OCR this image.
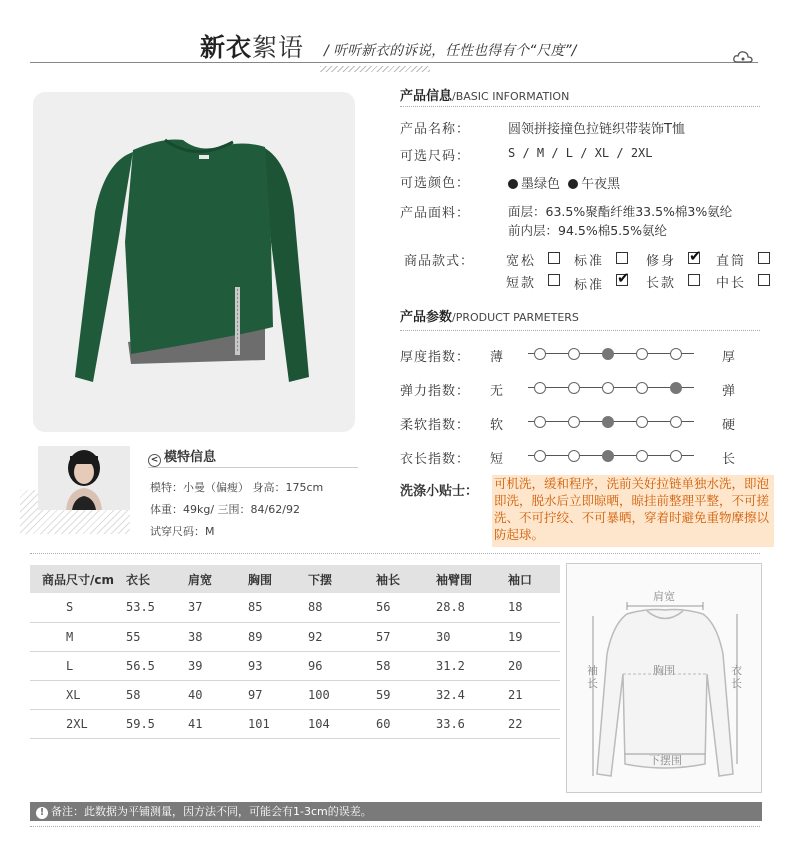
新衣絮语 / 听听新衣的诉说，任性也得有个“尺度”/
< 模特信息
模特：小曼（偏瘦） 身高：175cm
体重：49kg/ 三围：84/62/92
试穿尺码：M
产品信息/BASIC INFORMATION
产品名称：	圆领拼接撞色拉链织带装饰T恤
可选尺码：	S / M / L / XL / 2XL
可选颜色：	墨绿色 午夜黑
产品面料：	面层：63.5%聚酯纤维33.5%棉3%氨纶
前内层：94.5%棉5.5%氨纶
商品款式： 宽松	标准	修身 ✔	直筒
短款	标准 ✔	长款	中长
产品参数/PRODUCT PARMETERS
厚度指数： 薄	厚
弹力指数： 无	弹
柔软指数： 软	硬
衣长指数： 短	长
洗涤小贴士：
可机洗，缓和程序，洗前关好拉链单独水洗，即泡即洗，脱水后立即晾晒，晾挂前整理平整，不可搓洗、不可拧绞、不可暴晒，穿着时避免重物摩擦以防起球。
商品尺寸/cm	衣长	肩宽	胸围	下摆	袖长	袖臂围	袖口
S	53.5	37	85	88	56	28.8	18
M	55	38	89	92	57	30	19
L	56.5	39	93	96	58	31.2	20
XL	58	40	97	100	59	32.4	21
2XL	59.5	41	101	104	60	33.6	22
肩宽
袖长
胸围	衣长
下摆围
! 备注：此数据为平铺测量，因方法不同，可能会有1-3cm的误差。
